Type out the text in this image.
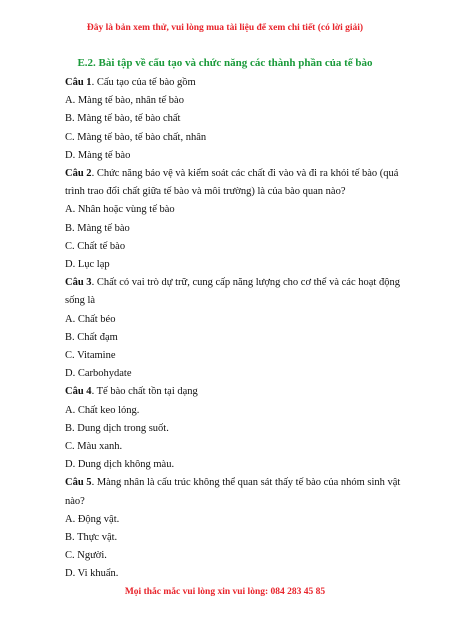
Đây là bản xem thử, vui lòng mua tài liệu để xem chi tiết (có lời giải)
E.2. Bài tập về cấu tạo và chức năng các thành phần của tế bào
Câu 1. Cấu tạo của tế bào gồm
A. Màng tế bào, nhân tế bào
B. Màng tế bào, tế bào chất
C. Màng tế bào, tế bào chất, nhân
D. Màng tế bào
Câu 2. Chức năng bảo vệ và kiểm soát các chất đi vào và đi ra khỏi tế bào (quá trình trao đổi chất giữa tế bào và môi trường) là của bào quan nào?
A. Nhân hoặc vùng tế bào
B. Màng tế bào
C. Chất tế bào
D. Lục lạp
Câu 3. Chất có vai trò dự trữ, cung cấp năng lượng cho cơ thể và các hoạt động sống là
A. Chất béo
B. Chất đạm
C. Vitamine
D. Carbohydate
Câu 4. Tế bào chất tồn tại dạng
A. Chất keo lỏng.
B. Dung dịch trong suốt.
C. Màu xanh.
D. Dung dịch không màu.
Câu 5. Màng nhân là cấu trúc không thể quan sát thấy tế bào của nhóm sinh vật nào?
A. Động vật.
B. Thực vật.
C. Người.
D. Vi khuẩn.
Mọi thắc mắc vui lòng xin vui lòng: 084 283 45 85
